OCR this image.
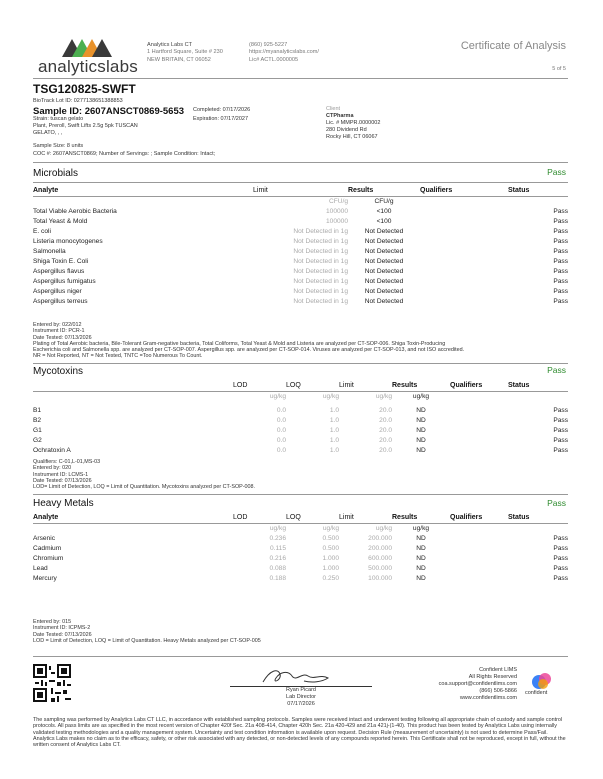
analyticslabs
Analytics Labs CT
1 Hartford Square, Suite # 230
NEW BRITAIN, CT 06052
(860) 925-5227
https://myanalyticslabs.com/
Lic# ACTL.0000005
Certificate of Analysis
5 of 5
TSG120825-SWFT
BioTrack Lot ID: 0277138651388853
Sample ID: 2607ANSCT0869-5653 Completed: 07/17/2026
Expiration: 07/17/2027
Strain: tuscan gelato
Plant, Preroll, Swift Lifts 2.5g 5pk TUSCAN
GELATO, , ,
Sample Size: 8 units
COC #: 2607ANSCT0869; Number of Servings: ; Sample Condition: Intact;
Client
CTPharma
Lic. # MMPR.0000002
280 Dividend Rd
Rocky Hill, CT 06067
Microbials	Pass
Analyte	Limit	Results	Qualifiers	Status
	CFU/g	CFU/g		
Total Viable Aerobic Bacteria	100000	<100		Pass
Total Yeast & Mold	100000	<100		Pass
E. coli	Not Detected in 1g	Not Detected		Pass
Listeria monocytogenes	Not Detected in 1g	Not Detected		Pass
Salmonella	Not Detected in 1g	Not Detected		Pass
Shiga Toxin E. Coli	Not Detected in 1g	Not Detected		Pass
Aspergillus flavus	Not Detected in 1g	Not Detected		Pass
Aspergillus fumigatus	Not Detected in 1g	Not Detected		Pass
Aspergillus niger	Not Detected in 1g	Not Detected		Pass
Aspergillus terreus	Not Detected in 1g	Not Detected		Pass
Entered by: 022/012
Instrument ID: PCR-1
Date Tested: 07/13/2026
Plating of Total Aerobic bacteria, Bile-Tolerant Gram-negative bacteria, Total Coliforms, Total Yeast & Mold and Listeria are analyzed per CT-SOP-006. Shiga Toxin-Producing
Escherichia coli and Salmonella spp. are analyzed per CT-SOP-007. Aspergillus spp. are analyzed per CT-SOP-014. Viruses are analyzed per CT-SOP-013, and not ISO accredited.
NR = Not Reported, NT = Not Tested, TNTC =Too Numerous To Count.
Mycotoxins	Pass
	LOD	LOQ	Limit	Results	Qualifiers	Status
	ug/kg	ug/kg	ug/kg	ug/kg		

B1	0.0	1.0	20.0	ND		Pass
B2	0.0	1.0	20.0	ND		Pass
G1	0.0	1.0	20.0	ND		Pass
G2	0.0	1.0	20.0	ND		Pass
Ochratoxin A	0.0	1.0	20.0	ND		Pass
Qualifiers: C-01,L-01,MS-03
Entered by: 020
Instrument ID: LCMS-1
Date Tested: 07/13/2026
LOD= Limit of Detection, LOQ = Limit of Quantitation. Mycotoxins analyzed per CT-SOP-008.
Heavy Metals	Pass
Analyte	LOD	LOQ	Limit	Results	Qualifiers	Status
	ug/kg	ug/kg	ug/kg	ug/kg		
Arsenic	0.236	0.500	200.000	ND		Pass
Cadmium	0.115	0.500	200.000	ND		Pass
Chromium	0.216	1.000	600.000	ND		Pass
Lead	0.088	1.000	500.000	ND		Pass
Mercury	0.188	0.250	100.000	ND		Pass
Entered by: 015
Instrument ID: ICPMS-2
Date Tested: 07/13/2026
LOD = Limit of Detection, LOQ = Limit of Quantitation. Heavy Metals analyzed per CT-SOP-005
Ryan Picard
Lab Director
07/17/2026
Confident LIMS
All Rights Reserved
coa.support@confidentlims.com
(866) 506-5866
www.confidentlims.com
confident
The sampling was performed by Analytics Labs CT LLC, in accordance with established sampling protocols. Samples were received intact and underwent testing following all appropriate chain of custody and sample control protocols. All pass limits are as specified in the most recent version of Chapter 420f Sec. 21a 408-414, Chapter 420h Sec. 21a 420-429 and 21a 421j-(1-40). This product has been tested by Analytics Labs using internally validated testing methodologies and a quality management system. Uncertainty and test condition information is available upon request. Decision Rule (measurement of uncertainty) is not used to determine Pass/Fail. Analytics Labs makes no claim as to the efficacy, safety, or other risk associated with any detected, or non-detected levels of any compounds reported herein. This Certificate shall not be reproduced, except in full, without the written consent of Analytics Labs CT.
